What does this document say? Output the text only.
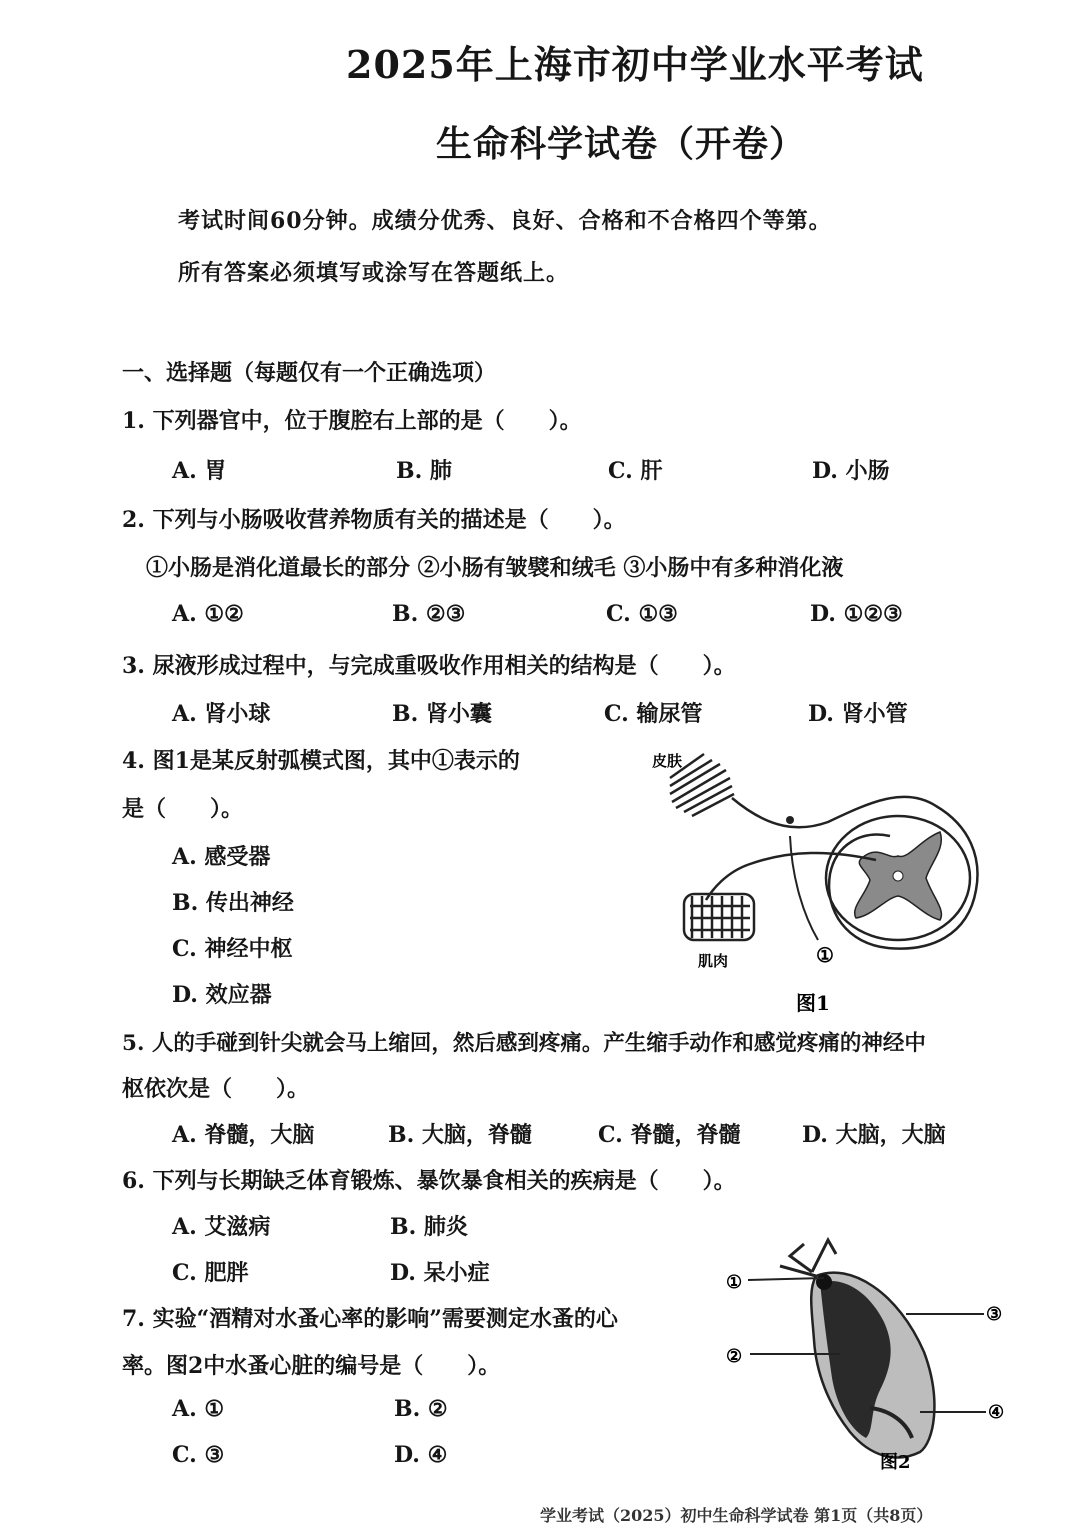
2025年上海市初中学业水平考试
生命科学试卷（开卷）
考试时间60分钟。成绩分优秀、良好、合格和不合格四个等第。
所有答案必须填写或涂写在答题纸上。
一、选择题（每题仅有一个正确选项）
1. 下列器官中，位于腹腔右上部的是（　　）。
A. 胃	B. 肺	C. 肝	D. 小肠
2. 下列与小肠吸收营养物质有关的描述是（　　）。
①小肠是消化道最长的部分 ②小肠有皱襞和绒毛 ③小肠中有多种消化液
A. ①②	B. ②③	C. ①③	D. ①②③
3. 尿液形成过程中，与完成重吸收作用相关的结构是（　　）。
A. 肾小球	B. 肾小囊	C. 输尿管	D. 肾小管
4. 图1是某反射弧模式图，其中①表示的
是（　　）。
A. 感受器
B. 传出神经
C. 神经中枢
D. 效应器
皮肤
肌肉	①
图1
5. 人的手碰到针尖就会马上缩回，然后感到疼痛。产生缩手动作和感觉疼痛的神经中
枢依次是（　　）。
A. 脊髓，大脑	B. 大脑，脊髓	C. 脊髓，脊髓	D. 大脑，大脑
6. 下列与长期缺乏体育锻炼、暴饮暴食相关的疾病是（　　）。
A. 艾滋病	B. 肺炎
C. 肥胖	D. 呆小症
7. 实验“酒精对水蚤心率的影响”需要测定水蚤的心
率。图2中水蚤心脏的编号是（　　）。
A. ①	B. ②
C. ③	D. ④
①
②
③
④
图2
学业考试（2025）初中生命科学试卷 第1页（共8页）
